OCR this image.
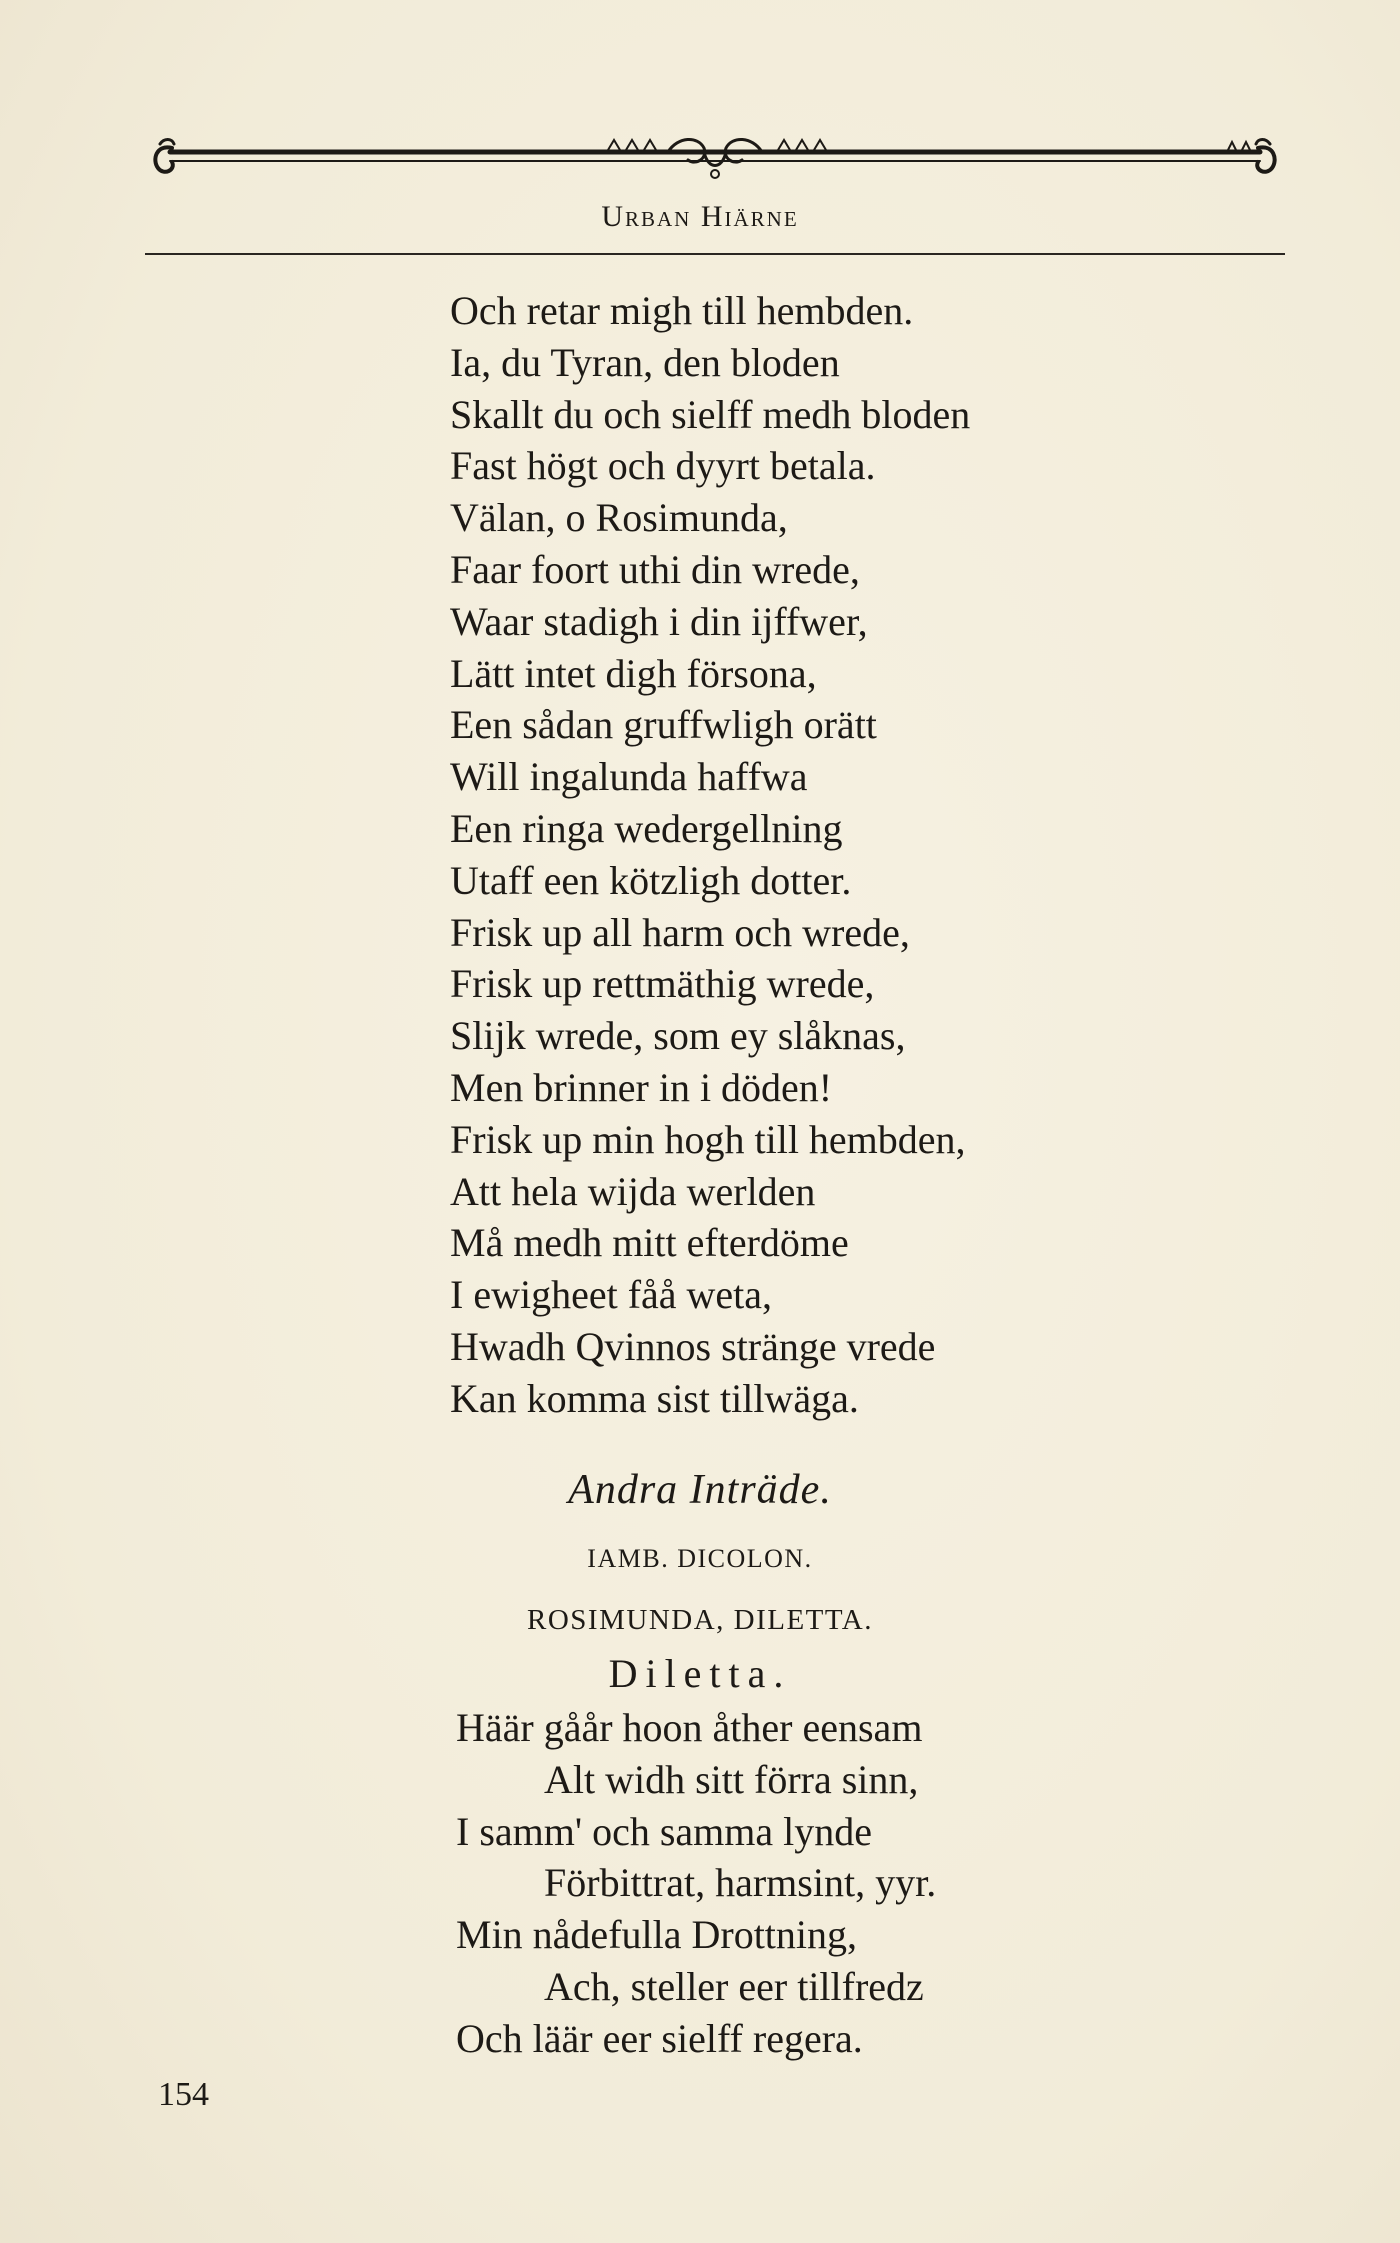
Urban Hiärne
Och retar migh till hembden.
Ia, du Tyran, den bloden
Skallt du och sielff medh bloden
Fast högt och dyyrt betala.
Välan, o Rosimunda,
Faar foort uthi din wrede,
Waar stadigh i din ijffwer,
Lätt intet digh försona,
Een sådan gruffwligh orätt
Will ingalunda haffwa
Een ringa wedergellning
Utaff een kötzligh dotter.
Frisk up all harm och wrede,
Frisk up rettmäthig wrede,
Slijk wrede, som ey slåknas,
Men brinner in i döden!
Frisk up min hogh till hembden,
Att hela wijda werlden
Må medh mitt efterdöme
I ewigheet fåå weta,
Hwadh Qvinnos stränge vrede
Kan komma sist tillwäga.
Andra Inträde.
IAMB. DICOLON.
ROSIMUNDA, DILETTA.
Diletta.
Häär gåår hoon åther eensam
Alt widh sitt förra sinn,
I samm' och samma lynde
Förbittrat, harmsint, yyr.
Min nådefulla Drottning,
Ach, steller eer tillfredz
Och läär eer sielff regera.
154
